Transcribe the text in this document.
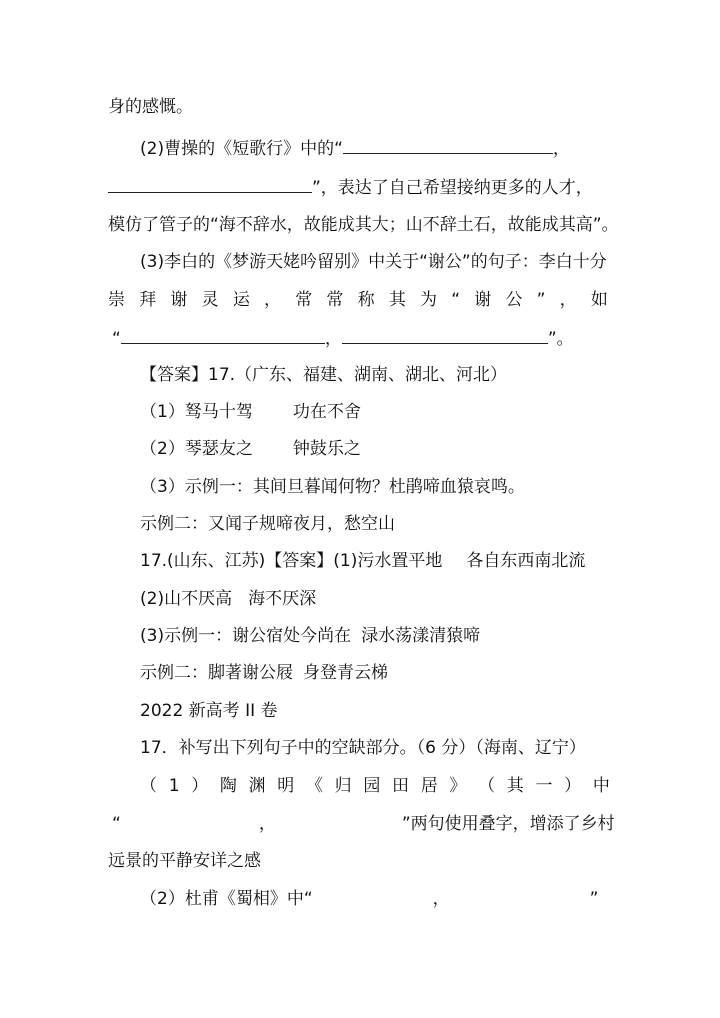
身的感慨。
(2)曹操的《短歌行》中的“	，
”，表达了自己希望接纳更多的人才，
模仿了管子的“海不辞水，故能成其大；山不辞土石，故能成其高”。
(3)李白的《梦游天姥吟留别》中关于“谢公”的句子：李白十分
崇 拜 谢 灵 运 ， 常 常 称 其 为 “ 谢 公 ” ， 如
“	，	”。
【答案】17.（广东、福建、湖南、湖北、河北）
（1）驽马十驾 功在不舍
（2）琴瑟友之 钟鼓乐之
（3）示例一：其间旦暮闻何物？杜鹃啼血猿哀鸣。
示例二：又闻子规啼夜月，愁空山
17.(山东、江苏)【答案】(1)污水置平地 各自东西南北流
(2)山不厌高 海不厌深
(3)示例一：谢公宿处今尚在 渌水荡漾清猿啼
示例二：脚著谢公屐 身登青云梯
2022 新高考 II 卷
17．补写出下列句子中的空缺部分。（6 分）（海南、辽宁）
（ 1 ） 陶 渊 明 《 归 园 田 居 》 （ 其 一 ） 中
“	，	”两句使用叠字，增添了乡村
远景的平静安详之感
（2）杜甫《蜀相》中“	，	”
